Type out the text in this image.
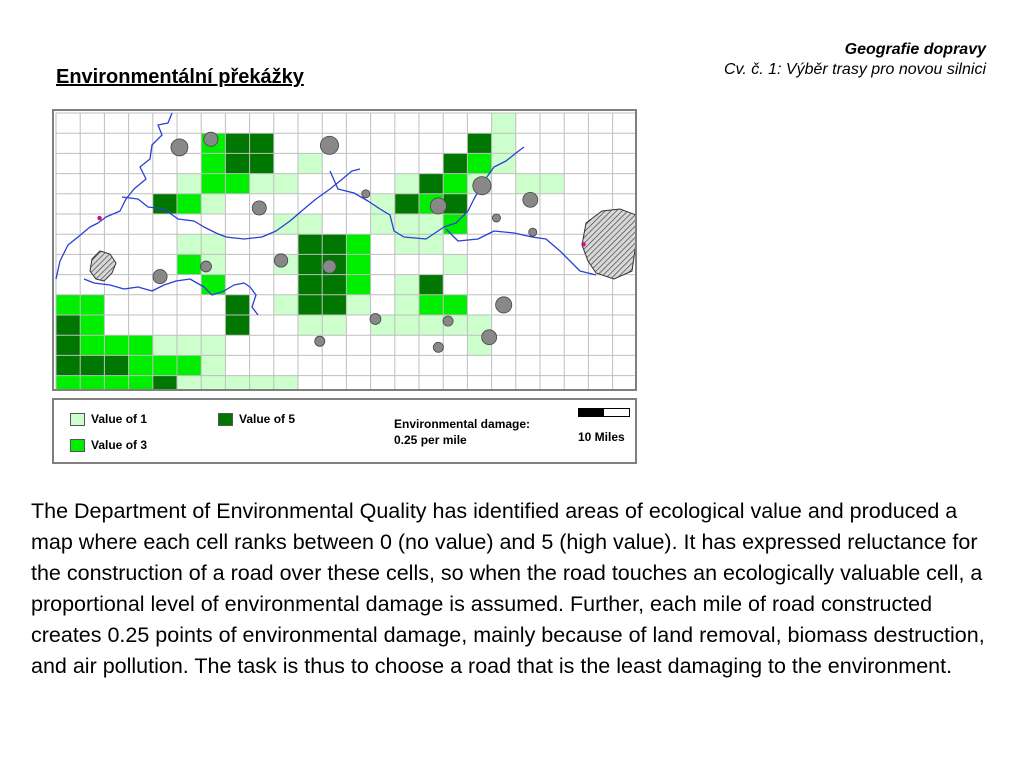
Geografie dopravy
Cv. č. 1: Výběr trasy pro novou silnici
Environmentální překážky
Value of 1
Value of 3
Value of 5	Environmental damage:
0.25 per mile	10 Miles
The Department of Environmental Quality has identified areas of ecological value and produced a map where each cell ranks between 0 (no value) and 5 (high value). It has expressed reluctance for the construction of a road over these cells, so when the road touches an ecologically valuable cell, a proportional level of environmental damage is assumed. Further, each mile of road constructed creates 0.25 points of environmental damage, mainly because of land removal, biomass destruction, and air pollution. The task is thus to choose a road that is the least damaging to the environment.
